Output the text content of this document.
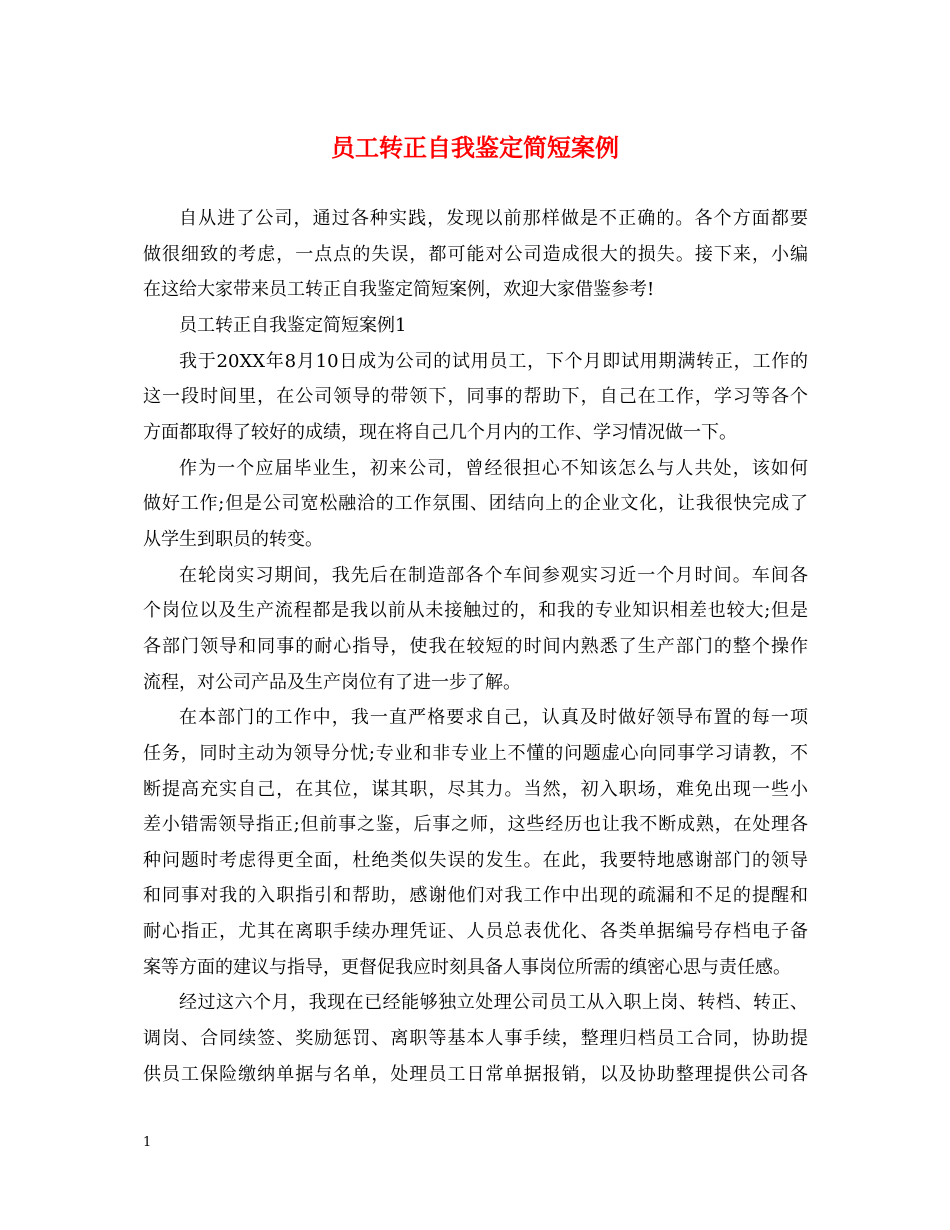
员工转正自我鉴定简短案例
自从进了公司，通过各种实践，发现以前那样做是不正确的。各个方面都要
做很细致的考虑，一点点的失误，都可能对公司造成很大的损失。接下来，小编
在这给大家带来员工转正自我鉴定简短案例，欢迎大家借鉴参考!
员工转正自我鉴定简短案例1
我于20XX年8月10日成为公司的试用员工，下个月即试用期满转正，工作的
这一段时间里，在公司领导的带领下，同事的帮助下，自己在工作，学习等各个
方面都取得了较好的成绩，现在将自己几个月内的工作、学习情况做一下。
作为一个应届毕业生，初来公司，曾经很担心不知该怎么与人共处，该如何
做好工作;但是公司宽松融洽的工作氛围、团结向上的企业文化，让我很快完成了
从学生到职员的转变。
在轮岗实习期间，我先后在制造部各个车间参观实习近一个月时间。车间各
个岗位以及生产流程都是我以前从未接触过的，和我的专业知识相差也较大;但是
各部门领导和同事的耐心指导，使我在较短的时间内熟悉了生产部门的整个操作
流程，对公司产品及生产岗位有了进一步了解。
在本部门的工作中，我一直严格要求自己，认真及时做好领导布置的每一项
任务，同时主动为领导分忧;专业和非专业上不懂的问题虚心向同事学习请教，不
断提高充实自己，在其位，谋其职，尽其力。当然，初入职场，难免出现一些小
差小错需领导指正;但前事之鉴，后事之师，这些经历也让我不断成熟，在处理各
种问题时考虑得更全面，杜绝类似失误的发生。在此，我要特地感谢部门的领导
和同事对我的入职指引和帮助，感谢他们对我工作中出现的疏漏和不足的提醒和
耐心指正，尤其在离职手续办理凭证、人员总表优化、各类单据编号存档电子备
案等方面的建议与指导，更督促我应时刻具备人事岗位所需的缜密心思与责任感。
经过这六个月，我现在已经能够独立处理公司员工从入职上岗、转档、转正、
调岗、合同续签、奖励惩罚、离职等基本人事手续，整理归档员工合同，协助提
供员工保险缴纳单据与名单，处理员工日常单据报销，以及协助整理提供公司各
1
